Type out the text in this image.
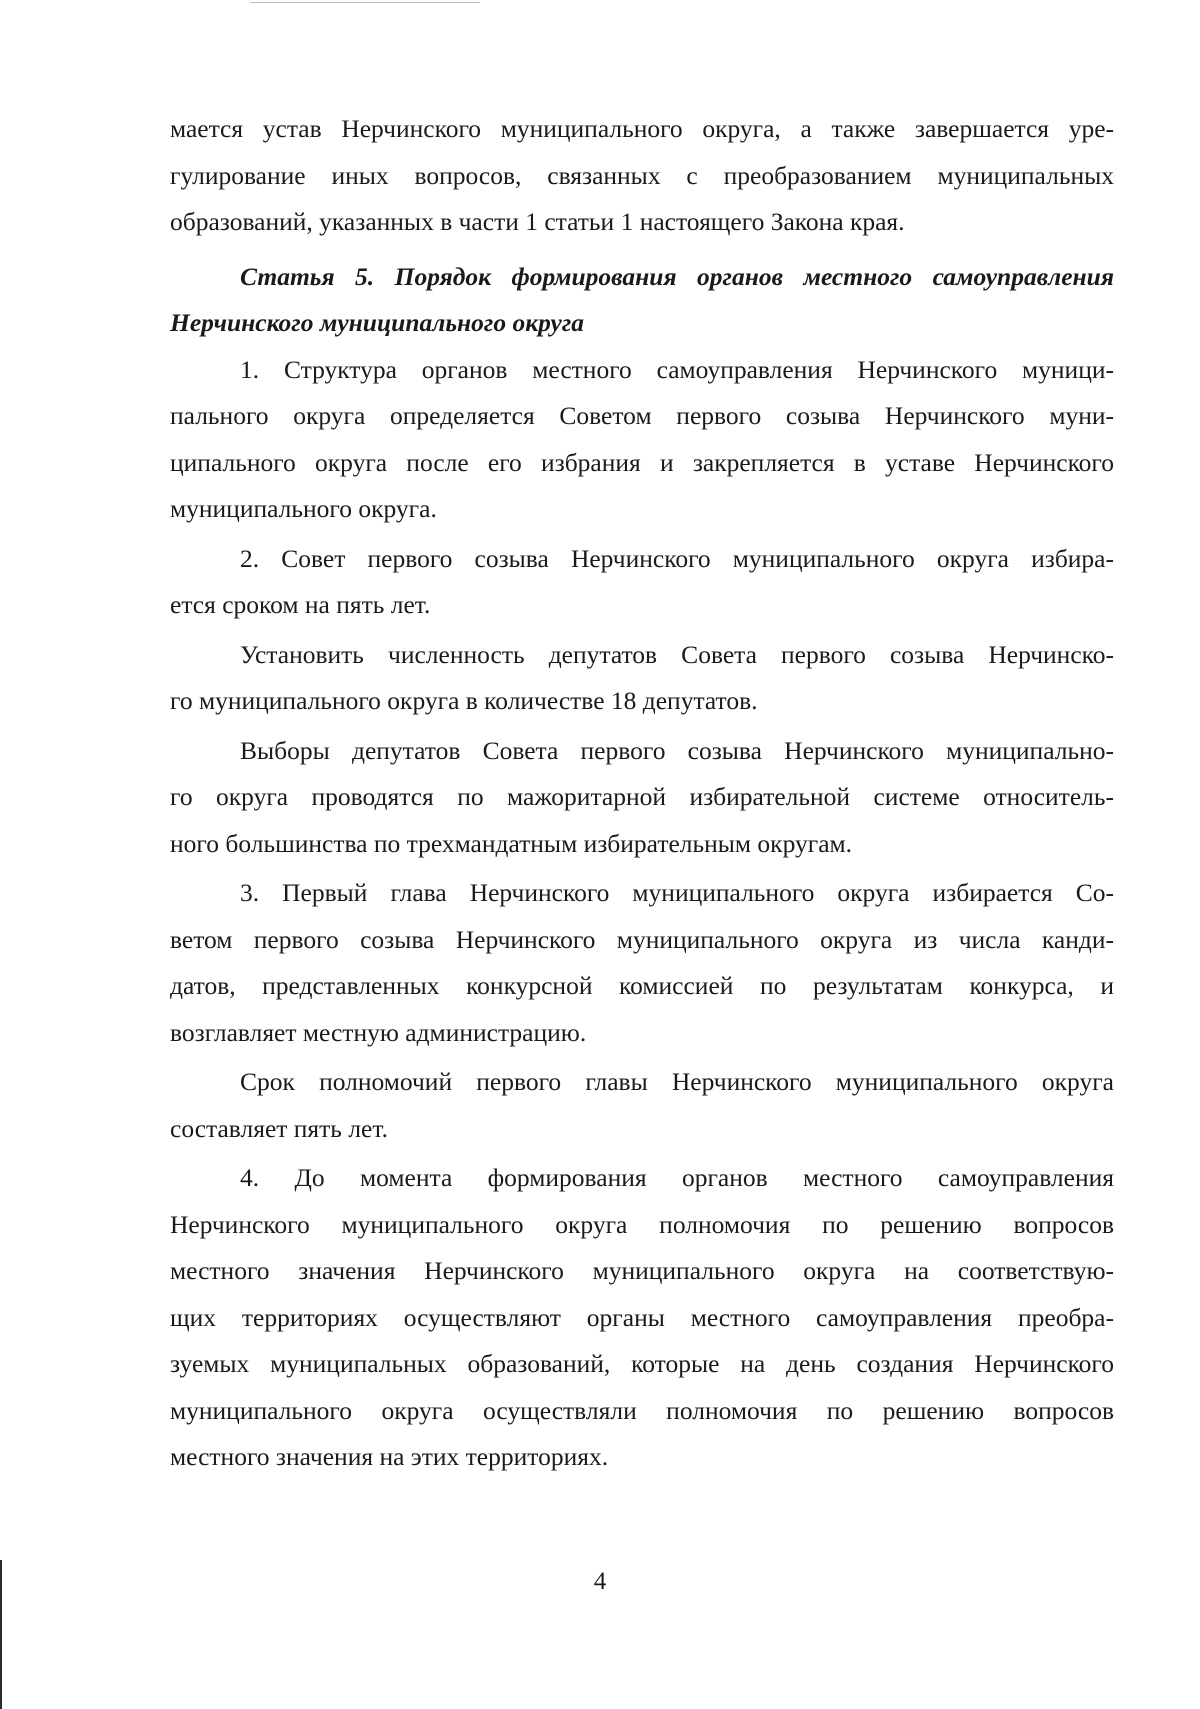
мается устав Нерчинского муниципального округа, а также завершается уре-
гулирование иных вопросов, связанных с преобразованием муниципальных
образований, указанных в части 1 статьи 1 настоящего Закона края.
Статья 5. Порядок формирования органов местного самоуправления
Нерчинского муниципального округа
1. Структура органов местного самоуправления Нерчинского муници-
пального округа определяется Советом первого созыва Нерчинского муни-
ципального округа после его избрания и закрепляется в уставе Нерчинского
муниципального округа.
2. Совет первого созыва Нерчинского муниципального округа избира-
ется сроком на пять лет.
Установить численность депутатов Совета первого созыва Нерчинско-
го муниципального округа в количестве 18 депутатов.
Выборы депутатов Совета первого созыва Нерчинского муниципально-
го округа проводятся по мажоритарной избирательной системе относитель-
ного большинства по трехмандатным избирательным округам.
3. Первый глава Нерчинского муниципального округа избирается Со-
ветом первого созыва Нерчинского муниципального округа из числа канди-
датов, представленных конкурсной комиссией по результатам конкурса, и
возглавляет местную администрацию.
Срок полномочий первого главы Нерчинского муниципального округа
составляет пять лет.
4. До момента формирования органов местного самоуправления
Нерчинского муниципального округа полномочия по решению вопросов
местного значения Нерчинского муниципального округа на соответствую-
щих территориях осуществляют органы местного самоуправления преобра-
зуемых муниципальных образований, которые на день создания Нерчинского
муниципального округа осуществляли полномочия по решению вопросов
местного значения на этих территориях.
4
